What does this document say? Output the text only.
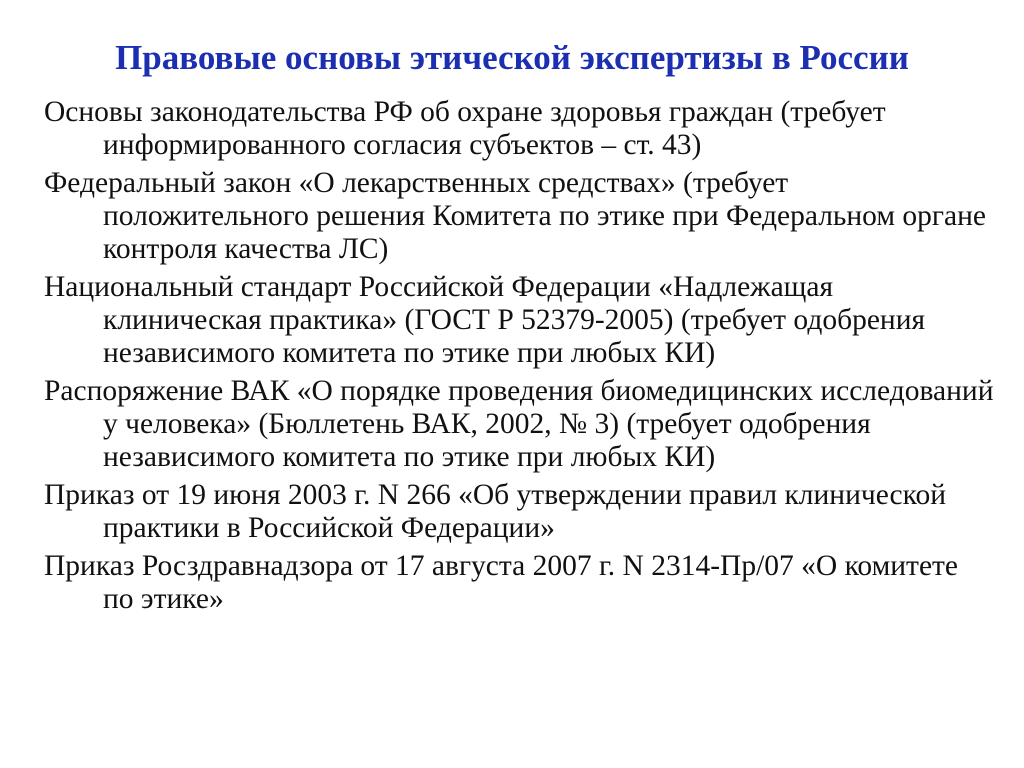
Правовые основы этической экспертизы в России
Основы законодательства РФ об охране здоровья граждан (требует информированного согласия субъектов – ст. 43)
Федеральный закон «О лекарственных средствах» (требует положительного решения Комитета по этике при Федеральном органе контроля качества ЛС)
Национальный стандарт Российской Федерации «Надлежащая клиническая практика» (ГОСТ Р 52379-2005) (требует одобрения независимого комитета по этике при любых КИ)
Распоряжение ВАК «О порядке проведения биомедицинских исследований у человека» (Бюллетень ВАК, 2002, № 3) (требует одобрения независимого комитета по этике при любых КИ)
Приказ от 19 июня 2003 г. N 266 «Об утверждении правил клинической практики в Российской Федерации»
Приказ Росздравнадзора от 17 августа 2007 г. N 2314-Пр/07 «О комитете по этике»
